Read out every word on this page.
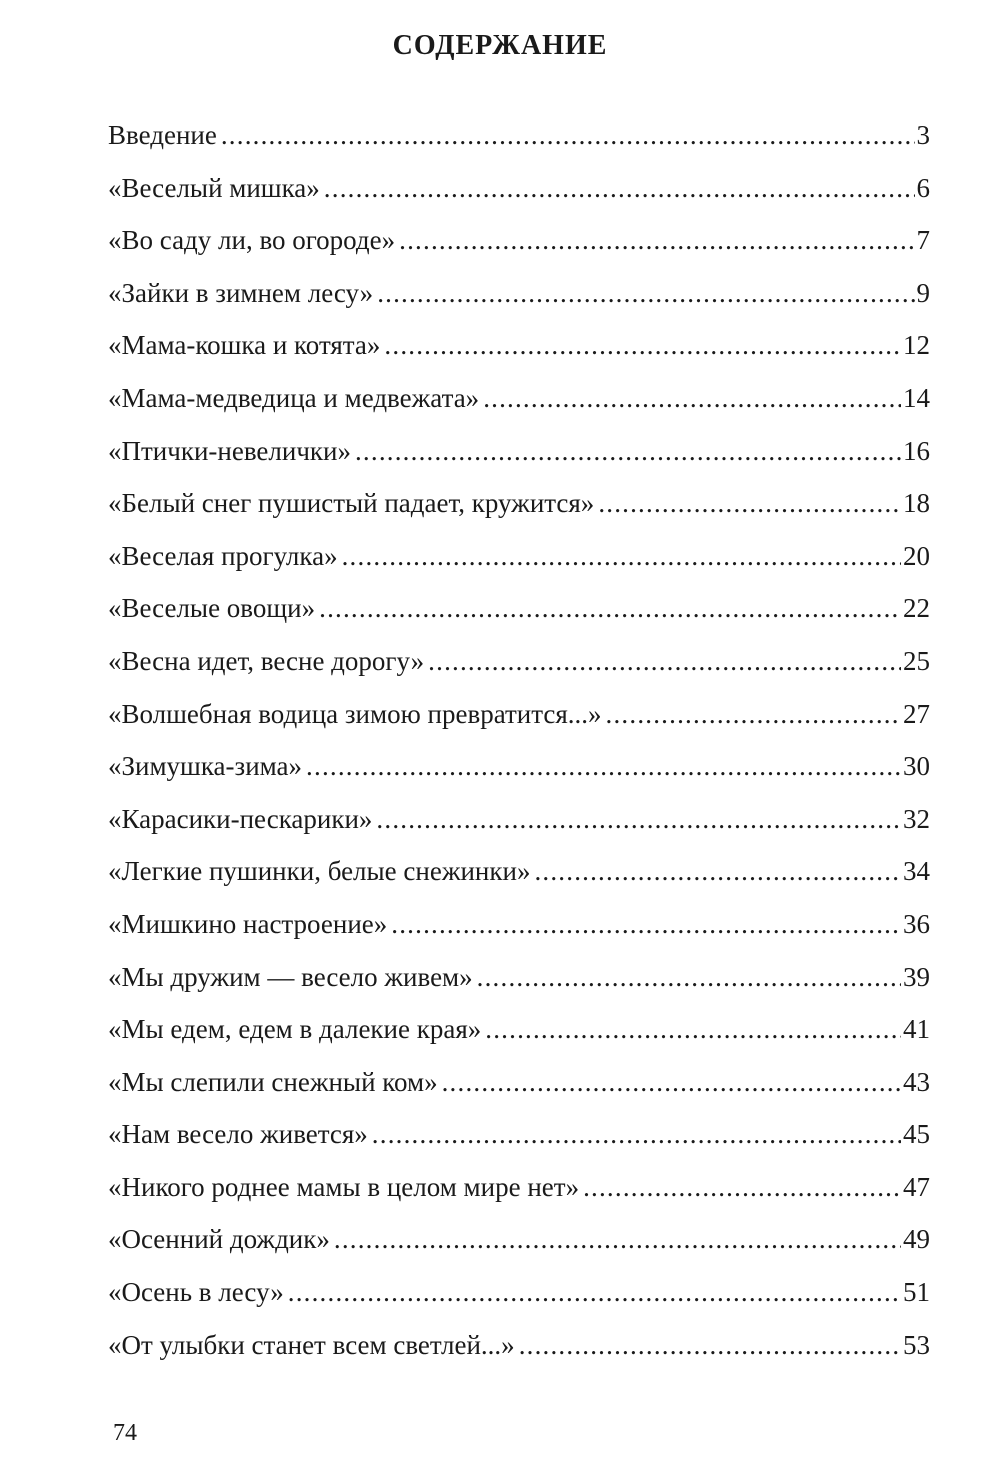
СОДЕРЖАНИЕ
Введение .....	3
«Веселый мишка» .....	6
«Во саду ли, во огороде» .....	7
«Зайки в зимнем лесу» .....	9
«Мама-кошка и котята» .....	12
«Мама-медведица и медвежата» .....	14
«Птички-невелички» .....	16
«Белый снег пушистый падает, кружится» .....	18
«Веселая прогулка» .....	20
«Веселые овощи» .....	22
«Весна идет, весне дорогу» .....	25
«Волшебная водица зимою превратится...» .....	27
«Зимушка-зима» .....	30
«Карасики-пескарики» .....	32
«Легкие пушинки, белые снежинки» .....	34
«Мишкино настроение» .....	36
«Мы дружим — весело живем» .....	39
«Мы едем, едем в далекие края» .....	41
«Мы слепили снежный ком» .....	43
«Нам весело живется» .....	45
«Никого роднее мамы в целом мире нет» .....	47
«Осенний дождик» .....	49
«Осень в лесу» .....	51
«От улыбки станет всем светлей...» .....	53
74
